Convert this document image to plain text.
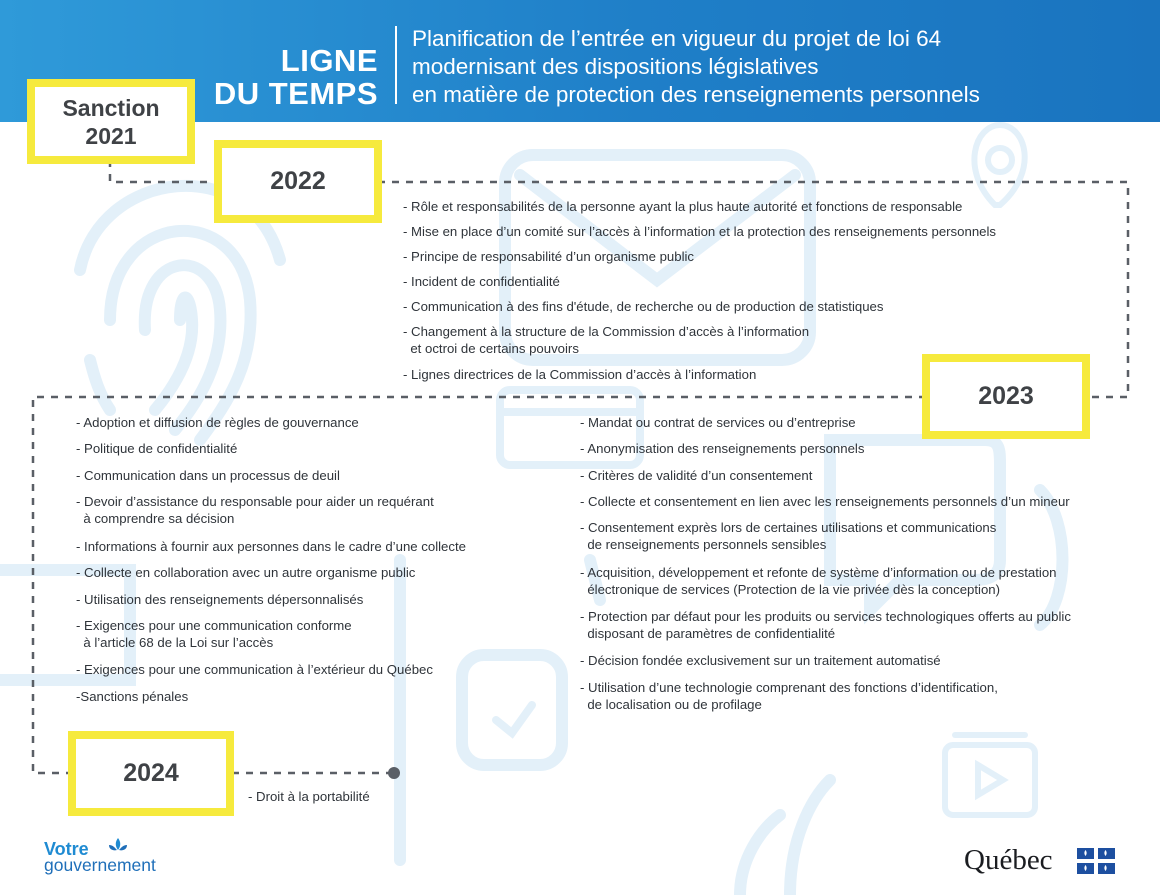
LIGNE
DU TEMPS
Planification de l’entrée en vigueur du projet de loi 64
modernisant des dispositions législatives
en matière de protection des renseignements personnels
Sanction
2021
2022
2023
2024
- Rôle et responsabilités de la personne ayant la plus haute autorité et fonctions de responsable
- Mise en place d’un comité sur l’accès à l’information et la protection des renseignements personnels
- Principe de responsabilité d’un organisme public
- Incident de confidentialité
- Communication à des fins d'étude, de recherche ou de production de statistiques
- Changement à la structure de la Commission d’accès à l’information
et octroi de certains pouvoirs
- Lignes directrices de la Commission d’accès à l’information
- Adoption et diffusion de règles de gouvernance
- Politique de confidentialité
- Communication dans un processus de deuil
- Devoir d’assistance du responsable pour aider un requérant
à comprendre sa décision
- Informations à fournir aux personnes dans le cadre d’une collecte
- Collecte en collaboration avec un autre organisme public
- Utilisation des renseignements dépersonnalisés
- Exigences pour une communication conforme
à l’article 68 de la Loi sur l’accès
- Exigences pour une communication à l’extérieur du Québec
-Sanctions pénales
- Mandat ou contrat de services ou d’entreprise
- Anonymisation des renseignements personnels
- Critères de validité d’un consentement
- Collecte et consentement en lien avec les renseignements personnels d’un mineur
- Consentement exprès lors de certaines utilisations et communications
de renseignements personnels sensibles
- Acquisition, développement et refonte de système d’information ou de prestation
électronique de services (Protection de la vie privée dès la conception)
- Protection par défaut pour les produits ou services technologiques offerts au public
disposant de paramètres de confidentialité
- Décision fondée exclusivement sur un traitement automatisé
- Utilisation d’une technologie comprenant des fonctions d’identification,
de localisation ou de profilage
- Droit à la portabilité
Votre
gouvernement	Québec
